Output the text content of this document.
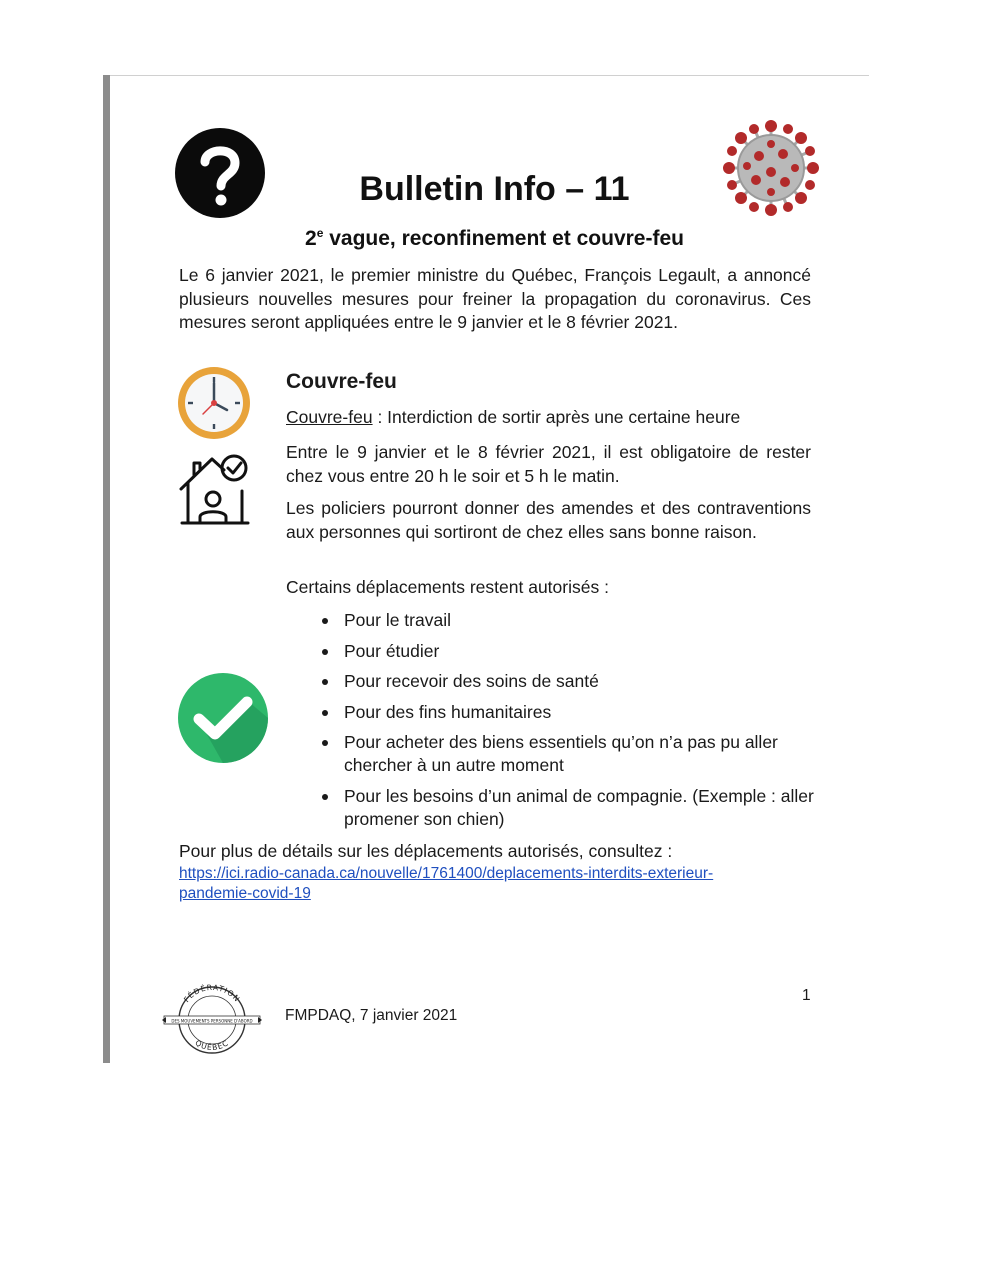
Bulletin Info – 11
2e vague, reconfinement et couvre-feu
Le 6 janvier 2021, le premier ministre du Québec, François Legault, a annoncé plusieurs nouvelles mesures pour freiner la propagation du coronavirus. Ces mesures seront appliquées entre le 9 janvier et le 8 février 2021.
Couvre-feu
Couvre-feu : Interdiction de sortir après une certaine heure
Entre le 9 janvier et le 8 février 2021, il est obligatoire de rester chez vous entre 20 h le soir et 5 h le matin.
Les policiers pourront donner des amendes et des contraventions aux personnes qui sortiront de chez elles sans bonne raison.
Certains déplacements restent autorisés :
Pour le travail
Pour étudier
Pour recevoir des soins de santé
Pour des fins humanitaires
Pour acheter des biens essentiels qu’on n’a pas pu aller chercher à un autre moment
Pour les besoins d’un animal de compagnie. (Exemple : aller promener son chien)
Pour plus de détails sur les déplacements autorisés, consultez :
https://ici.radio-canada.ca/nouvelle/1761400/deplacements-interdits-exterieur-pandemie-covid-19
FÉDÉRATION
QUÉBEC
DES MOUVEMENTS PERSONNE D'ABORD FMPDAQ, 7 janvier 2021
1
